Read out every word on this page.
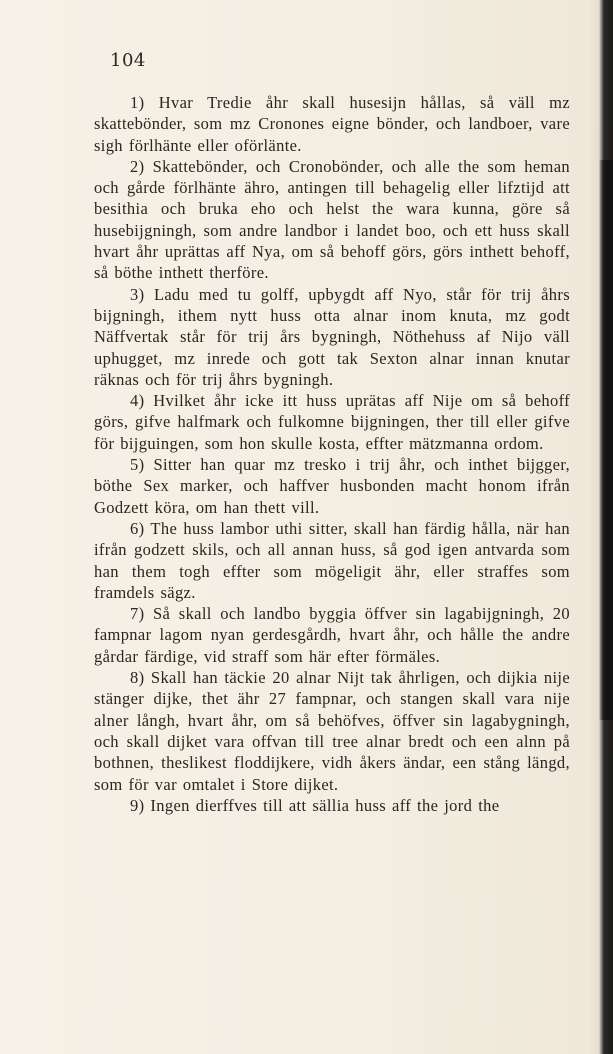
104

1) Hvar Tredie åhr skall husesijn hållas, så väll mz skattebönder, som mz Cronones eigne bönder, och landboer, vare sigh förlhänte eller oförlänte.

2) Skattebönder, och Cronobönder, och alle the som heman och gårde förlhänte ähro, antingen till behagelig eller lifztijd att besithia och bruka eho och helst the wara kunna, göre så husebijgningh, som andre landbor i landet boo, och ett huss skall hvart åhr uprättas aff Nya, om så behoff görs, görs inthett behoff, så böthe inthett therföre.

3) Ladu med tu golff, upbygdt aff Nyo, står för trij åhrs bijgningh, ithem nytt huss otta alnar inom knuta, mz godt Näffvertak står för trij års bygningh, Nöthehuss af Nijo väll uphugget, mz inrede och gott tak Sexton alnar innan knutar räknas och för trij åhrs bygningh.

4) Hvilket åhr icke itt huss uprätas aff Nije om så behoff görs, gifve halfmark och fulkomne bijgningen, ther till eller gifve för bijguingen, som hon skulle kosta, effter mätzmanna ordom.

5) Sitter han quar mz tresko i trij åhr, och inthet bijgger, böthe Sex marker, och haffver husbonden macht honom ifrån Godzett köra, om han thett vill.

6) The huss lambor uthi sitter, skall han färdig hålla, när han ifrån godzett skils, och all annan huss, så god igen antvarda som han them togh effter som mögeligit ähr, eller straffes som framdels sägz.

7) Så skall och landbo byggia öffver sin lagabijgningh, 20 fampnar lagom nyan gerdesgårdh, hvart åhr, och hålle the andre gårdar färdige, vid straff som här efter förmäles.

8) Skall han täckie 20 alnar Nijt tak åhrligen, och dijkia nije stänger dijke, thet ähr 27 fampnar, och stangen skall vara nije alner långh, hvart åhr, om så behöfves, öffver sin lagabygningh, och skall dijket vara offvan till tree alnar bredt och een alnn på bothnen, theslikest floddijkere, vidh åkers ändar, een stång längd, som för var omtalet i Store dijket.

9) Ingen dierffves till att sällia huss aff the jord the
